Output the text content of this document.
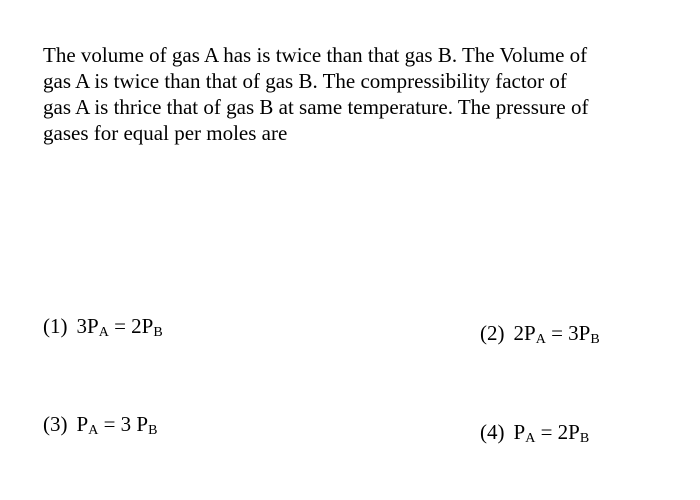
The volume of gas A has is twice than that gas B. The Volume of
gas A is twice than that of gas B. The compressibility factor of
gas A is thrice that of gas B at same temperature. The pressure of
gases for equal per moles are
(1) $3P_A = 2P_B$	(2) $2P_A = 3P_B$
(3) $P_A = 3$ $P_B$	(4) $P_A = 2P_B$
